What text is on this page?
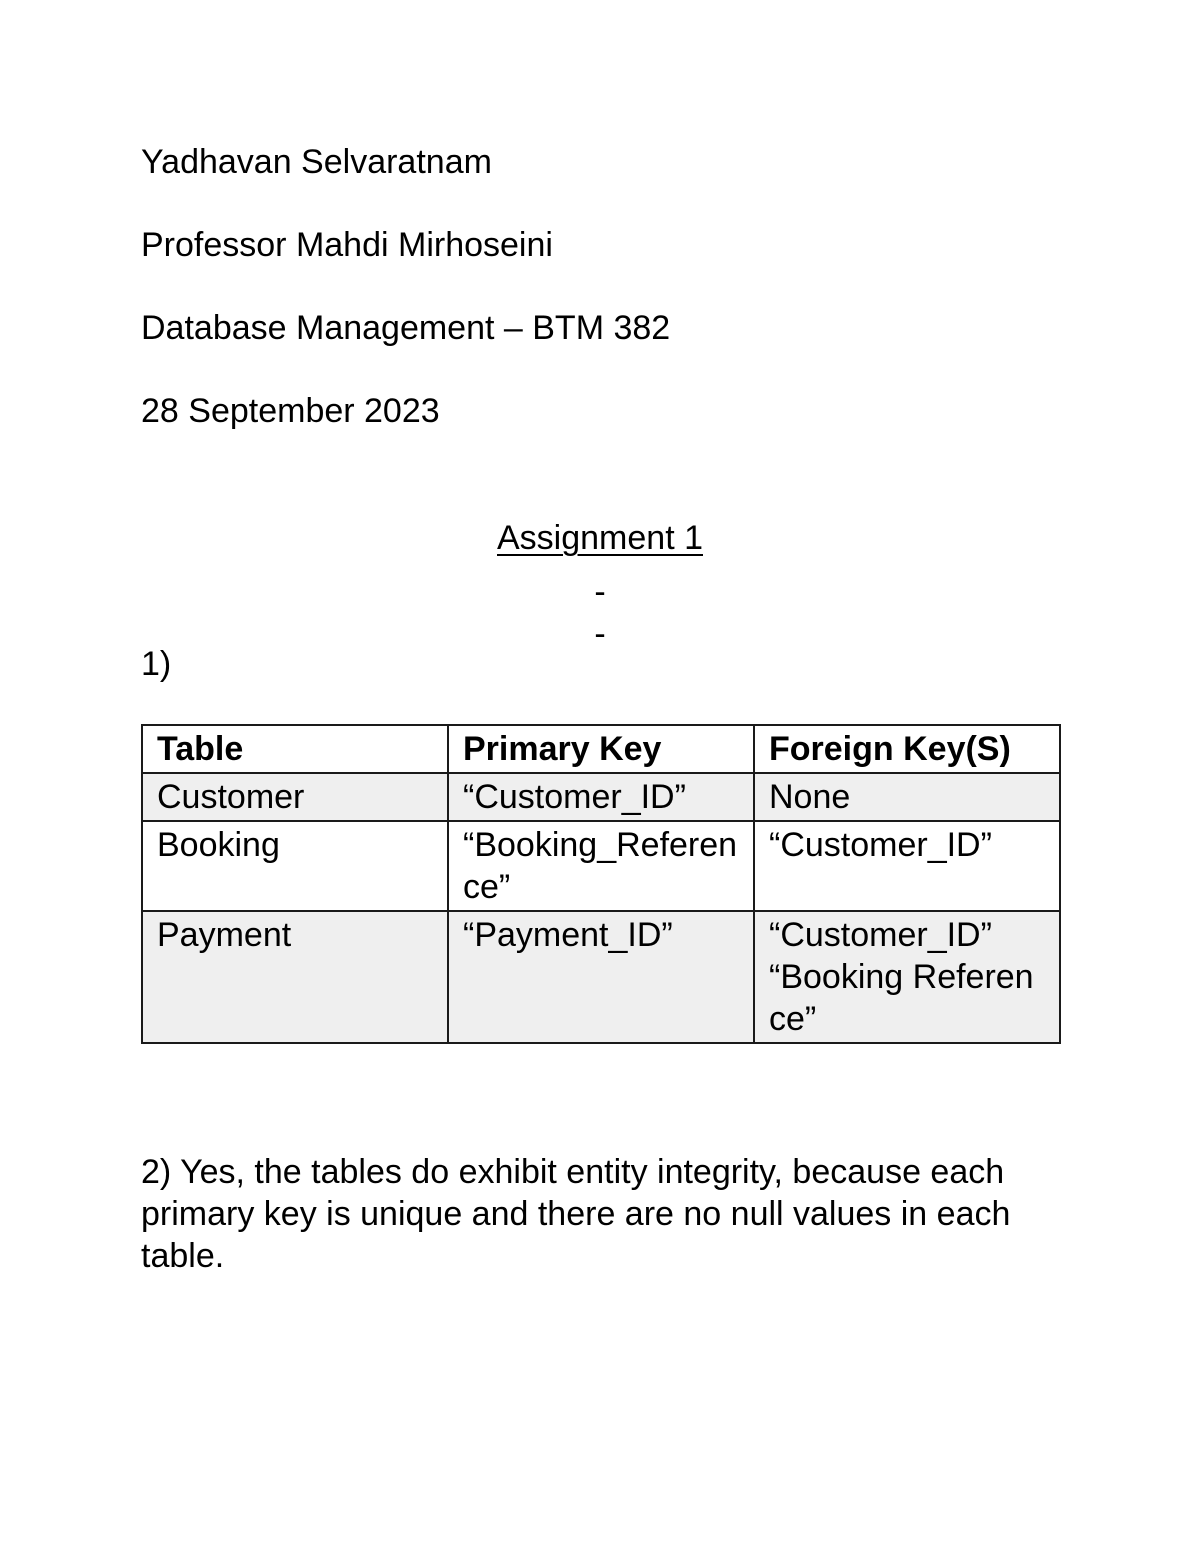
Yadhavan Selvaratnam
Professor Mahdi Mirhoseini
Database Management – BTM 382
28 September 2023
Assignment 1
-
-
1)
Table	Primary Key	Foreign Key(S)
Customer	“Customer_ID”	None

Booking	“Booking_Reference”	“Customer_ID”

Payment	“Payment_ID”	“Customer_ID”
“Booking Reference”
2) Yes, the tables do exhibit entity integrity, because each primary key is unique and there are no null values in each table.
